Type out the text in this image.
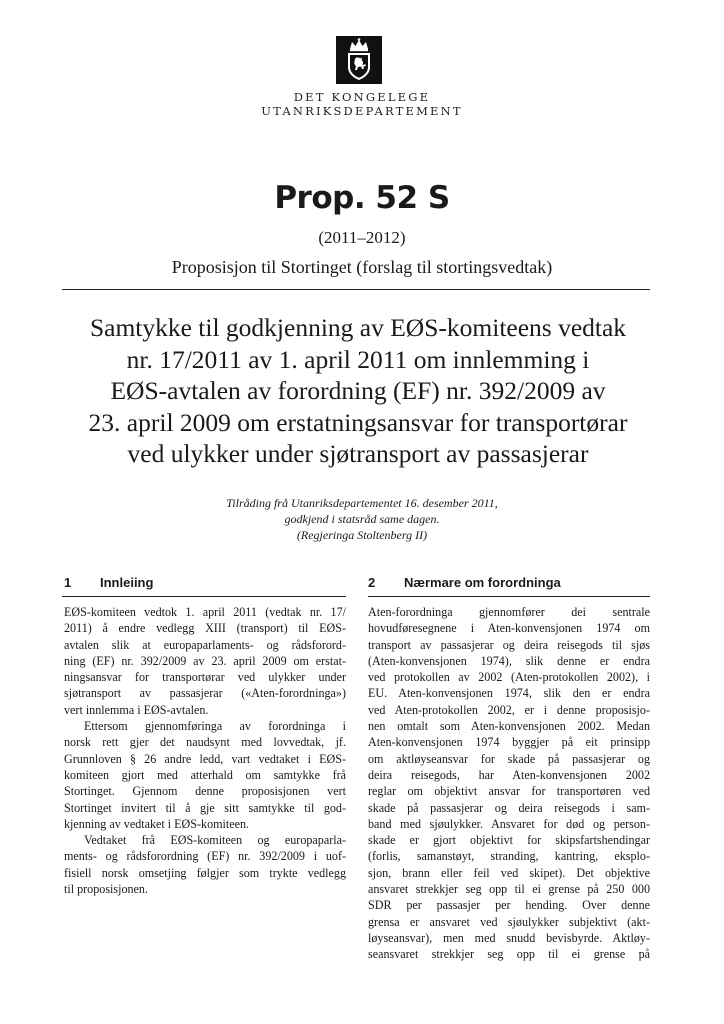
DET KONGELEGE
UTANRIKSDEPARTEMENT
Prop. 52 S
(2011–2012)
Proposisjon til Stortinget (forslag til stortingsvedtak)
Samtykke til godkjenning av EØS-komiteens vedtak
nr. 17/2011 av 1. april 2011 om innlemming i
EØS-avtalen av forordning (EF) nr. 392/2009 av
23. april 2009 om erstatningsansvar for transportørar
ved ulykker under sjøtransport av passasjerar
Tilråding frå Utanriksdepartementet 16. desember 2011,
godkjend i statsråd same dagen.
(Regjeringa Stoltenberg II)
1 Innleiing	2 Nærmare om forordninga
EØS-komiteen vedtok 1. april 2011 (vedtak nr. 17/
2011) å endre vedlegg XIII (transport) til EØS-
avtalen slik at europaparlaments- og rådsforord-
ning (EF) nr. 392/2009 av 23. april 2009 om erstat-
ningsansvar for transportørar ved ulykker under
sjøtransport av passasjerar («Aten-forordninga»)
vert innlemma i EØS-avtalen.
Ettersom gjennomføringa av forordninga i
norsk rett gjer det naudsynt med lovvedtak, jf.
Grunnloven § 26 andre ledd, vart vedtaket i EØS-
komiteen gjort med atterhald om samtykke frå
Stortinget. Gjennom denne proposisjonen vert
Stortinget invitert til å gje sitt samtykke til god-
kjenning av vedtaket i EØS-komiteen.
Vedtaket frå EØS-komiteen og europaparla-
ments- og rådsforordning (EF) nr. 392/2009 i uof-
fisiell norsk omsetjing følgjer som trykte vedlegg
til proposisjonen.
Aten-forordninga gjennomfører dei sentrale
hovudføresegnene i Aten-konvensjonen 1974 om
transport av passasjerar og deira reisegods til sjøs
(Aten-konvensjonen 1974), slik denne er endra
ved protokollen av 2002 (Aten-protokollen 2002), i
EU. Aten-konvensjonen 1974, slik den er endra
ved Aten-protokollen 2002, er i denne proposisjo-
nen omtalt som Aten-konvensjonen 2002. Medan
Aten-konvensjonen 1974 byggjer på eit prinsipp
om aktløyseansvar for skade på passasjerar og
deira reisegods, har Aten-konvensjonen 2002
reglar om objektivt ansvar for transportøren ved
skade på passasjerar og deira reisegods i sam-
band med sjøulykker. Ansvaret for død og person-
skade er gjort objektivt for skipsfartshendingar
(forlis, samanstøyt, stranding, kantring, eksplo-
sjon, brann eller feil ved skipet). Det objektive
ansvaret strekkjer seg opp til ei grense på 250 000
SDR per passasjer per hending. Over denne
grensa er ansvaret ved sjøulykker subjektivt (akt-
løyseansvar), men med snudd bevisbyrde. Aktløy-
seansvaret strekkjer seg opp til ei grense på
